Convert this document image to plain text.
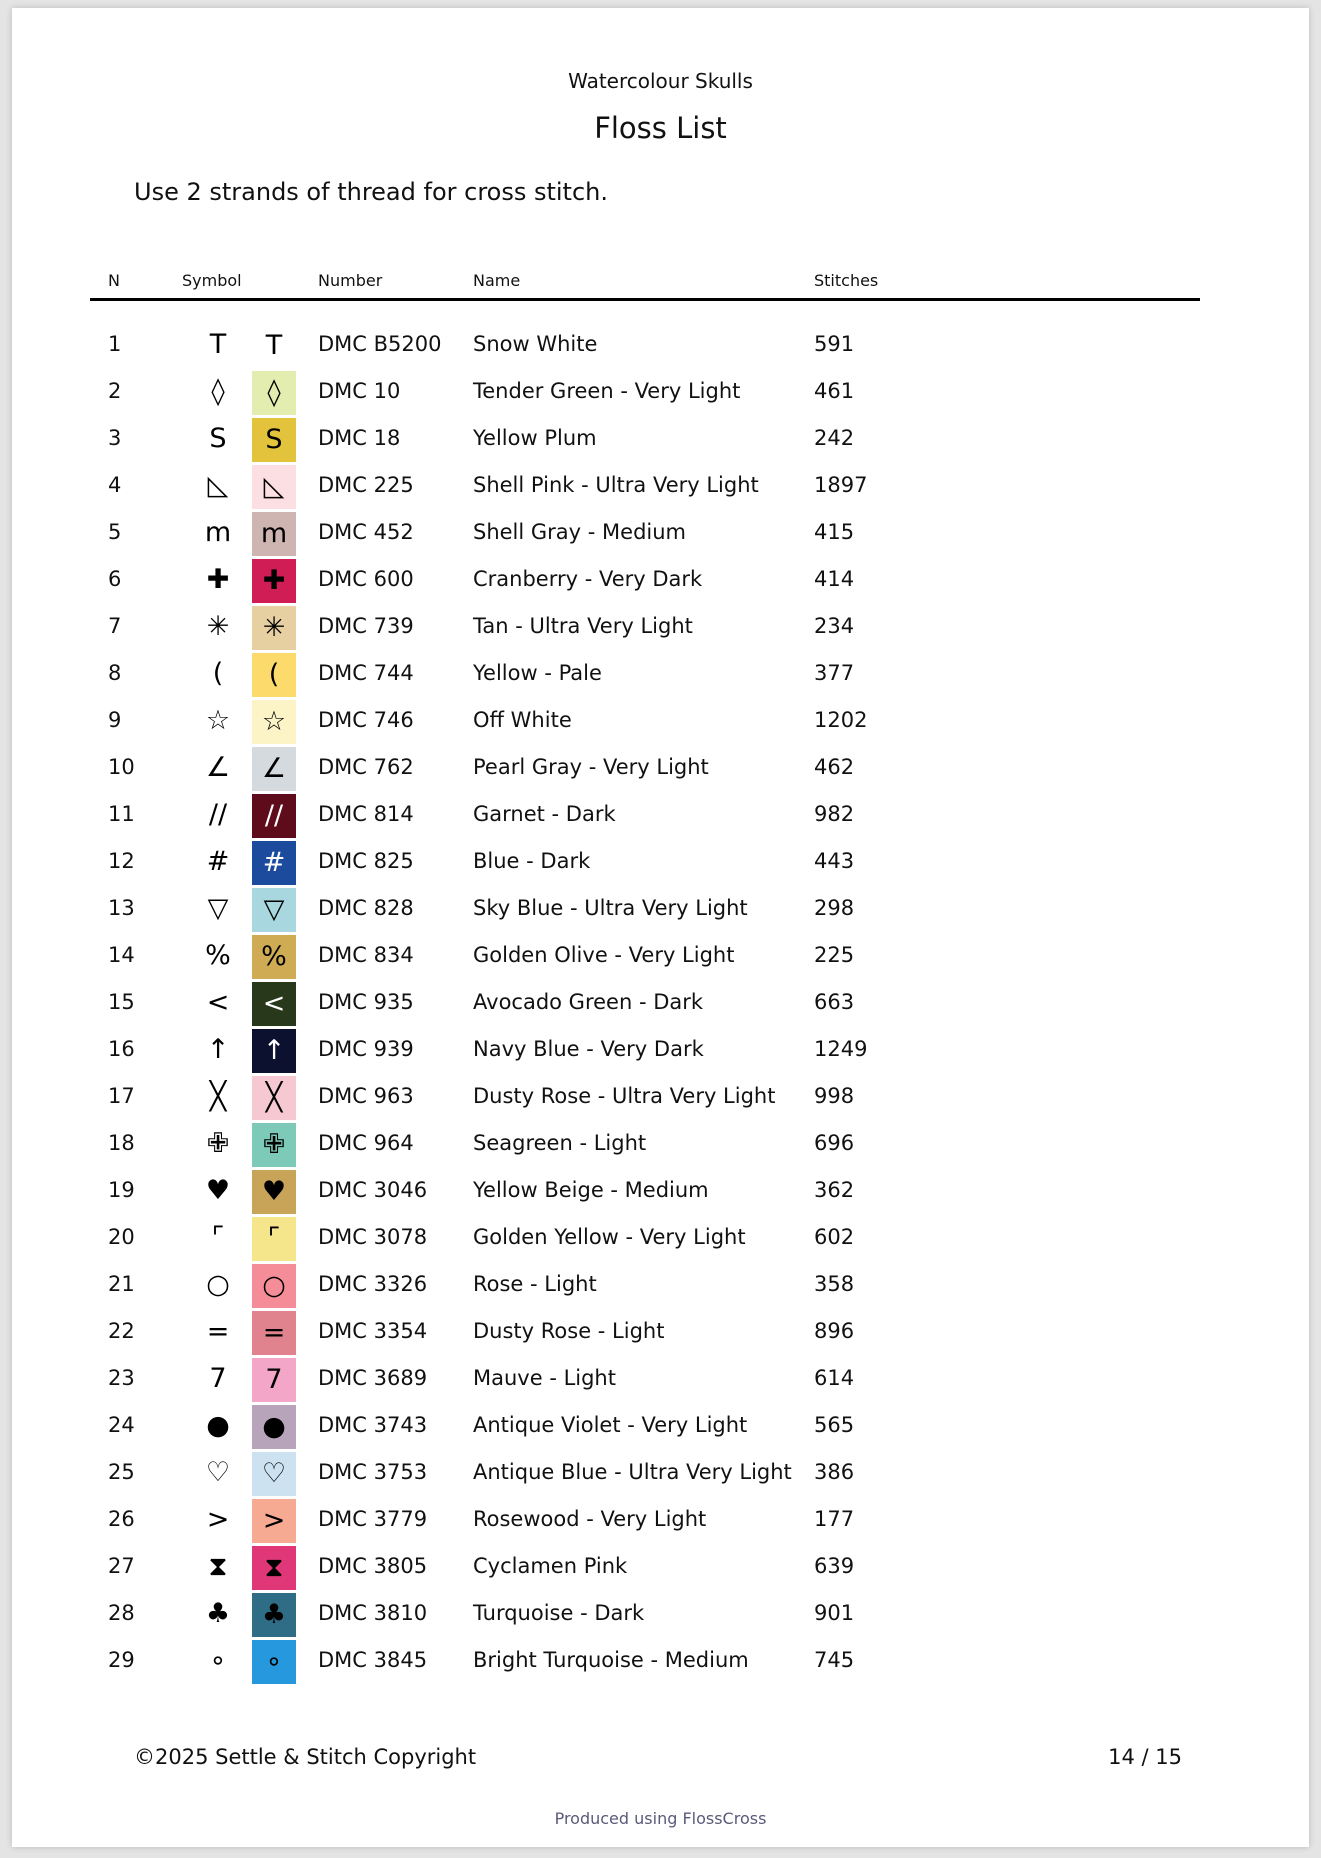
Watercolour Skulls
Floss List
Use 2 strands of thread for cross stitch.
N	Symbol	Number	Name	Stitches
1	T	T	DMC B5200 Snow White	591
2	◊	◊	DMC 10	Tender Green - Very Light	461
3	S	S	DMC 18	Yellow Plum	242
4	◺	◺	DMC 225	Shell Pink - Ultra Very Light	1897
5	m	m	DMC 452	Shell Gray - Medium	415
6	✚	✚	DMC 600	Cranberry - Very Dark	414
7	✳	✳	DMC 739	Tan - Ultra Very Light	234
8	(	(	DMC 744	Yellow - Pale	377
9	☆	☆	DMC 746	Off White	1202
10	∠	∠	DMC 762	Pearl Gray - Very Light	462
11	//	//	DMC 814	Garnet - Dark	982
12	#	#	DMC 825	Blue - Dark	443
13	▽	▽	DMC 828	Sky Blue - Ultra Very Light	298
14	%	%	DMC 834	Golden Olive - Very Light	225
15	<	<	DMC 935	Avocado Green - Dark	663
16	↑	↑	DMC 939	Navy Blue - Very Dark	1249
17	╳	╳	DMC 963	Dusty Rose - Ultra Very Light 998
18	✙	✙	DMC 964	Seagreen - Light	696
19	♥	♥	DMC 3046 Yellow Beige - Medium	362
20	⌜	⌜	DMC 3078 Golden Yellow - Very Light	602
21	○	○	DMC 3326 Rose - Light	358
22	=	=	DMC 3354 Dusty Rose - Light	896
23	7	7	DMC 3689 Mauve - Light	614
24	●	●	DMC 3743 Antique Violet - Very Light	565
25	♡	♡	DMC 3753 Antique Blue - Ultra Very Light 386
26	>	>	DMC 3779 Rosewood - Very Light	177
27	⧗	⧗	DMC 3805 Cyclamen Pink	639
28	♣	♣	DMC 3810 Turquoise - Dark	901
29	∘	∘	DMC 3845 Bright Turquoise - Medium	745
©2025 Settle & Stitch Copyright	14 / 15
Produced using FlossCross
